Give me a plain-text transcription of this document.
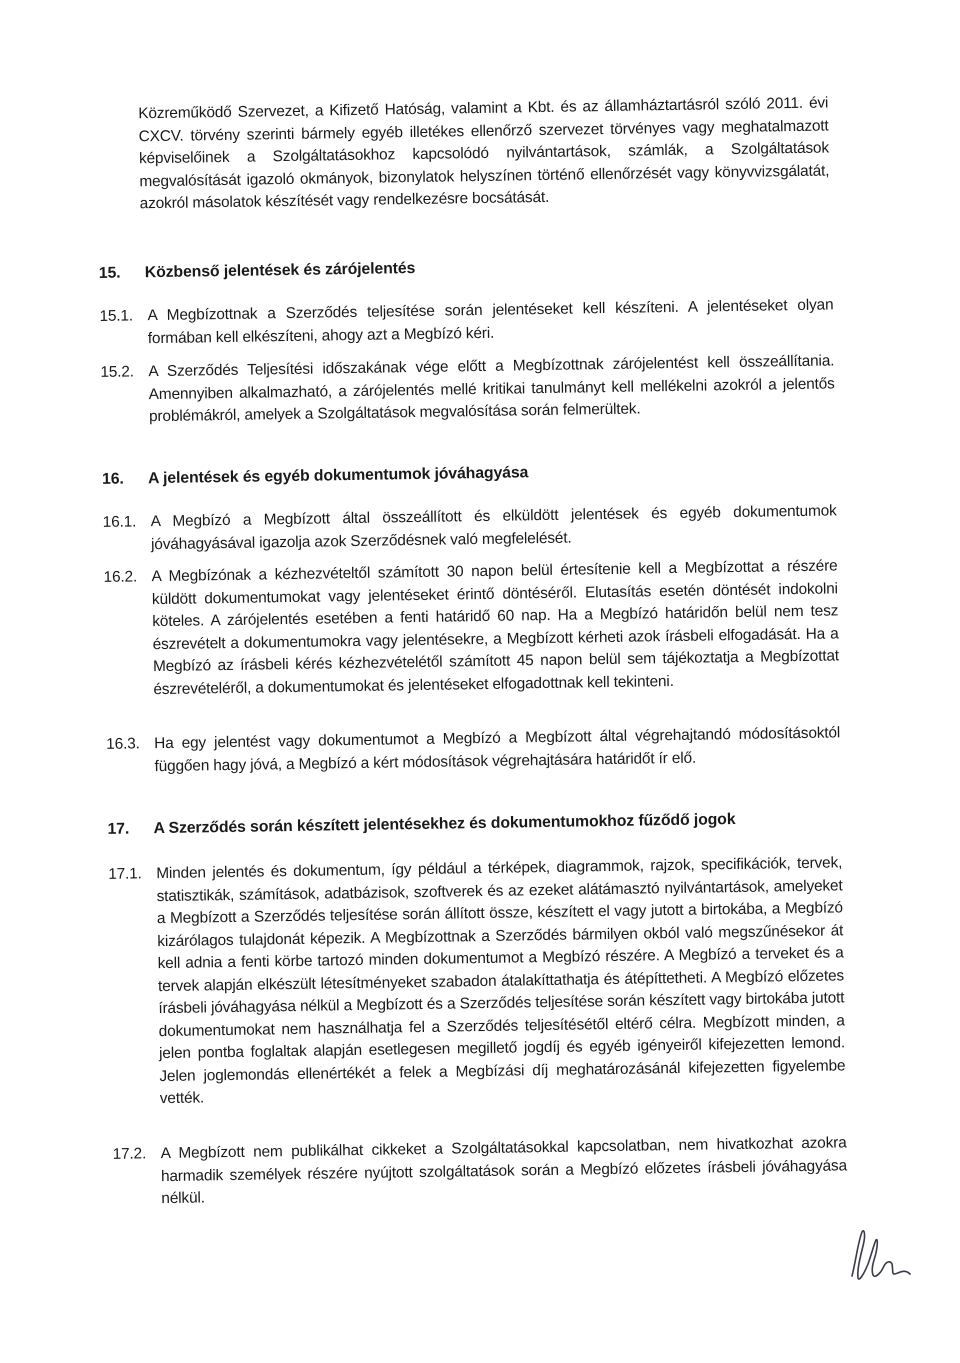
Közreműködő Szervezet, a Kifizető Hatóság, valamint a Kbt. és az államháztartásról szóló 2011. évi CXCV. törvény szerinti bármely egyéb illetékes ellenőrző szervezet törvényes vagy meghatalmazott képviselőinek a Szolgáltatásokhoz kapcsolódó nyilvántartások, számlák, a Szolgáltatások megvalósítását igazoló okmányok, bizonylatok helyszínen történő ellenőrzését vagy könyvvizsgálatát, azokról másolatok készítését vagy rendelkezésre bocsátását.

15. Közbenső jelentések és zárójelentés
15.1. A Megbízottnak a Szerződés teljesítése során jelentéseket kell készíteni. A jelentéseket olyan formában kell elkészíteni, ahogy azt a Megbízó kéri.
15.2. A Szerződés Teljesítési időszakának vége előtt a Megbízottnak zárójelentést kell összeállítania. Amennyiben alkalmazható, a zárójelentés mellé kritikai tanulmányt kell mellékelni azokról a jelentős problémákról, amelyek a Szolgáltatások megvalósítása során felmerültek.
16. A jelentések és egyéb dokumentumok jóváhagyása
16.1. A Megbízó a Megbízott által összeállított és elküldött jelentések és egyéb dokumentumok jóváhagyásával igazolja azok Szerződésnek való megfelelését.
16.2. A Megbízónak a kézhezvételtől számított 30 napon belül értesítenie kell a Megbízottat a részére küldött dokumentumokat vagy jelentéseket érintő döntéséről. Elutasítás esetén döntését indokolni köteles. A zárójelentés esetében a fenti határidő 60 nap. Ha a Megbízó határidőn belül nem tesz észrevételt a dokumentumokra vagy jelentésekre, a Megbízott kérheti azok írásbeli elfogadását. Ha a Megbízó az írásbeli kérés kézhezvételétől számított 45 napon belül sem tájékoztatja a Megbízottat észrevételéről, a dokumentumokat és jelentéseket elfogadottnak kell tekinteni.
16.3. Ha egy jelentést vagy dokumentumot a Megbízó a Megbízott által végrehajtandó módosításoktól függően hagy jóvá, a Megbízó a kért módosítások végrehajtására határidőt ír elő.
17. A Szerződés során készített jelentésekhez és dokumentumokhoz fűződő jogok
17.1. Minden jelentés és dokumentum, így például a térképek, diagrammok, rajzok, specifikációk, tervek, statisztikák, számítások, adatbázisok, szoftverek és az ezeket alátámasztó nyilvántartások, amelyeket a Megbízott a Szerződés teljesítése során állított össze, készített el vagy jutott a birtokába, a Megbízó kizárólagos tulajdonát képezik. A Megbízottnak a Szerződés bármilyen okból való megszűnésekor át kell adnia a fenti körbe tartozó minden dokumentumot a Megbízó részére. A Megbízó a terveket és a tervek alapján elkészült létesítményeket szabadon átalakíttathatja és átépíttetheti. A Megbízó előzetes írásbeli jóváhagyása nélkül a Megbízott és a Szerződés teljesítése során készített vagy birtokába jutott dokumentumokat nem használhatja fel a Szerződés teljesítésétől eltérő célra. Megbízott minden, a jelen pontba foglaltak alapján esetlegesen megillető jogdíj és egyéb igényeiről kifejezetten lemond. Jelen joglemondás ellenértékét a felek a Megbízási díj meghatározásánál kifejezetten figyelembe vették.
17.2. A Megbízott nem publikálhat cikkeket a Szolgáltatásokkal kapcsolatban, nem hivatkozhat azokra harmadik személyek részére nyújtott szolgáltatások során a Megbízó előzetes írásbeli jóváhagyása nélkül.
